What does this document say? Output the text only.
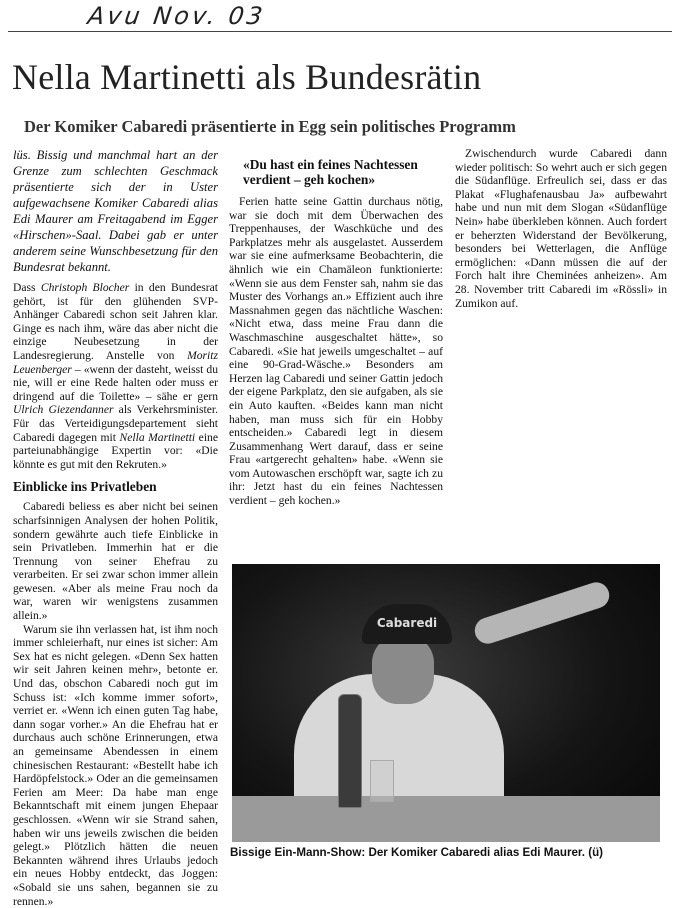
Avu Nov. 03
Nella Martinetti als Bundesrätin
Der Komiker Cabaredi präsentierte in Egg sein politisches Programm

lüs. Bissig und manchmal hart an der Grenze zum schlechten Geschmack präsentierte sich der in Uster aufgewachsene Komiker Cabaredi alias Edi Maurer am Freitagabend im Egger «Hirschen»-Saal. Dabei gab er unter anderem seine Wunschbesetzung für den Bundesrat bekannt.

Dass Christoph Blocher in den Bundesrat gehört, ist für den glühenden SVP-Anhänger Cabaredi schon seit Jahren klar. Ginge es nach ihm, wäre das aber nicht die einzige Neubesetzung in der Landesregierung. Anstelle von Moritz Leuenberger – «wenn der dasteht, weisst du nie, will er eine Rede halten oder muss er dringend auf die Toilette» – sähe er gern Ulrich Giezendanner als Verkehrsminister. Für das Verteidigungsdepartement sieht Cabaredi dagegen mit Nella Martinetti eine parteiunabhängige Expertin vor: «Die könnte es gut mit den Rekruten.»

Einblicke ins Privatleben

Cabaredi beliess es aber nicht bei seinen scharfsinnigen Analysen der hohen Politik, sondern gewährte auch tiefe Einblicke in sein Privatleben. Immerhin hat er die Trennung von seiner Ehefrau zu verarbeiten. Er sei zwar schon immer allein gewesen. «Aber als meine Frau noch da war, waren wir wenigstens zusammen allein.»

Warum sie ihn verlassen hat, ist ihm noch immer schleierhaft, nur eines ist sicher: Am Sex hat es nicht gelegen. «Denn Sex hatten wir seit Jahren keinen mehr», betonte er. Und das, obschon Cabaredi noch gut im Schuss ist: «Ich komme immer sofort», verriet er. «Wenn ich einen guten Tag habe, dann sogar vorher.» An die Ehefrau hat er durchaus auch schöne Erinnerungen, etwa an gemeinsame Abendessen in einem chinesischen Restaurant: «Bestellt habe ich Hardöpfelstock.» Oder an die gemeinsamen Ferien am Meer: Da habe man enge Bekanntschaft mit einem jungen Ehepaar geschlossen. «Wenn wir sie Strand sahen, haben wir uns jeweils zwischen die beiden gelegt.» Plötzlich hätten die neuen Bekannten während ihres Urlaubs jedoch ein neues Hobby entdeckt, das Joggen: «Sobald sie uns sahen, begannen sie zu rennen.»

«Du hast ein feines Nachtessen verdient – geh kochen»

Ferien hatte seine Gattin durchaus nötig, war sie doch mit dem Überwachen des Treppenhauses, der Waschküche und des Parkplatzes mehr als ausgelastet. Ausserdem war sie eine aufmerksame Beobachterin, die ähnlich wie ein Chamäleon funktionierte: «Wenn sie aus dem Fenster sah, nahm sie das Muster des Vorhangs an.» Effizient auch ihre Massnahmen gegen das nächtliche Waschen: «Nicht etwa, dass meine Frau dann die Waschmaschine ausgeschaltet hätte», so Cabaredi. «Sie hat jeweils umgeschaltet – auf eine 90-Grad-Wäsche.» Besonders am Herzen lag Cabaredi und seiner Gattin jedoch der eigene Parkplatz, den sie aufgaben, als sie ein Auto kauften. «Beides kann man nicht haben, man muss sich für ein Hobby entscheiden.» Cabaredi legt in diesem Zusammenhang Wert darauf, dass er seine Frau «artgerecht gehalten» habe. «Wenn sie vom Autowaschen erschöpft war, sagte ich zu ihr: Jetzt hast du ein feines Nachtessen verdient – geh kochen.»

Zwischendurch wurde Cabaredi dann wieder politisch: So wehrt auch er sich gegen die Südanflüge. Erfreulich sei, dass er das Plakat «Flughafenausbau Ja» aufbewahrt habe und nun mit dem Slogan «Südanflüge Nein» habe überkleben können. Auch fordert er beherzten Widerstand der Bevölkerung, besonders bei Wetterlagen, die Anflüge ermöglichen: «Dann müssen die auf der Forch halt ihre Cheminées anheizen». Am 28. November tritt Cabaredi im «Rössli» in Zumikon auf.

Cabaredi

Bissige Ein-Mann-Show: Der Komiker Cabaredi alias Edi Maurer. (ü)
